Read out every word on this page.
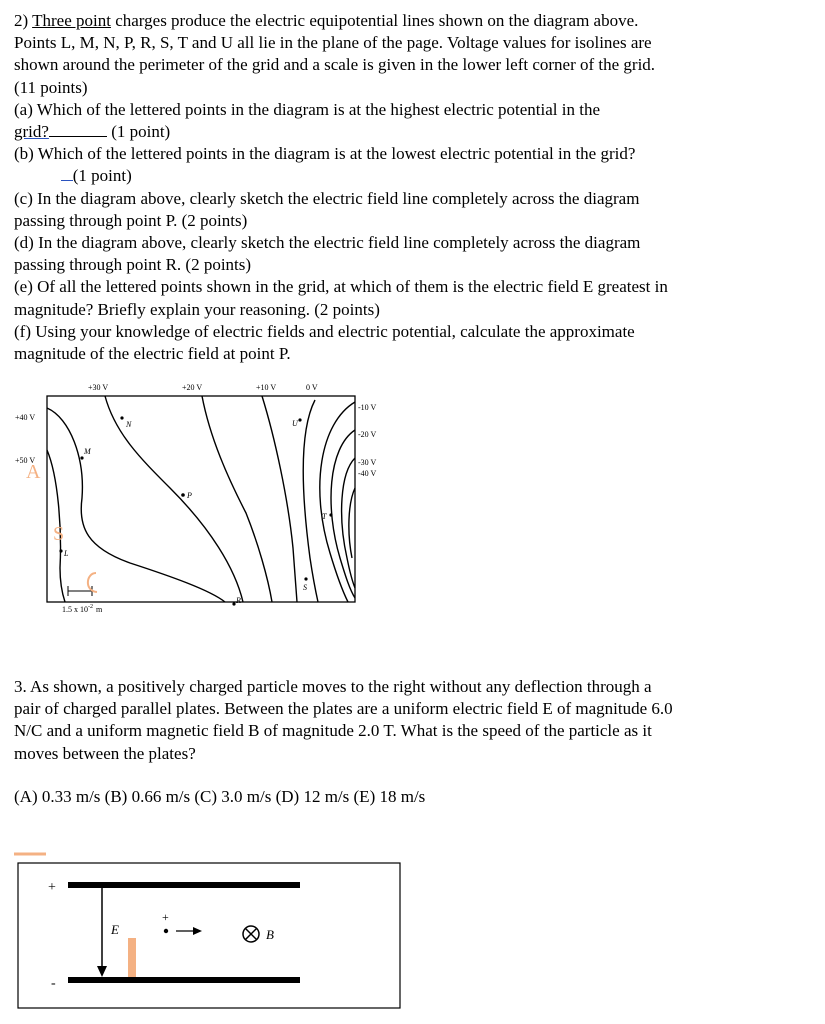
2) Three point charges produce the electric equipotential lines shown on the diagram above.
Points L, M, N, P, R, S, T and U all lie in the plane of the page. Voltage values for isolines are
shown around the perimeter of the grid and a scale is given in the lower left corner of the grid.
(11 points)
(a) Which of the lettered points in the diagram is at the highest electric potential in the
grid?	(1 point)
(b) Which of the lettered points in the diagram is at the lowest electric potential in the grid?
(1 point)
(c) In the diagram above, clearly sketch the electric field line completely across the diagram
passing through point P. (2 points)
(d) In the diagram above, clearly sketch the electric field line completely across the diagram
passing through point R. (2 points)
(e) Of all the lettered points shown in the grid, at which of them is the electric field E greatest in
magnitude? Briefly explain your reasoning. (2 points)
(f) Using your knowledge of electric fields and electric potential, calculate the approximate
magnitude of the electric field at point P.
+30 V	+20 V	+10 V	0 V
+40 V
+50 V
-10 V
-20 V
-30 V
-40 V
N
M
P
U
T
L
R
S
1.5 x $10^{-2}$ m
A
S
3. As shown, a positively charged particle moves to the right without any deflection through a
pair of charged parallel plates. Between the plates are a uniform electric field E of magnitude 6.0
N/C and a uniform magnetic field B of magnitude 2.0 T. What is the speed of the particle as it
moves between the plates?
(A) 0.33 m/s (B) 0.66 m/s (C) 3.0 m/s (D) 12 m/s (E) 18 m/s
+
-
E
+
B
